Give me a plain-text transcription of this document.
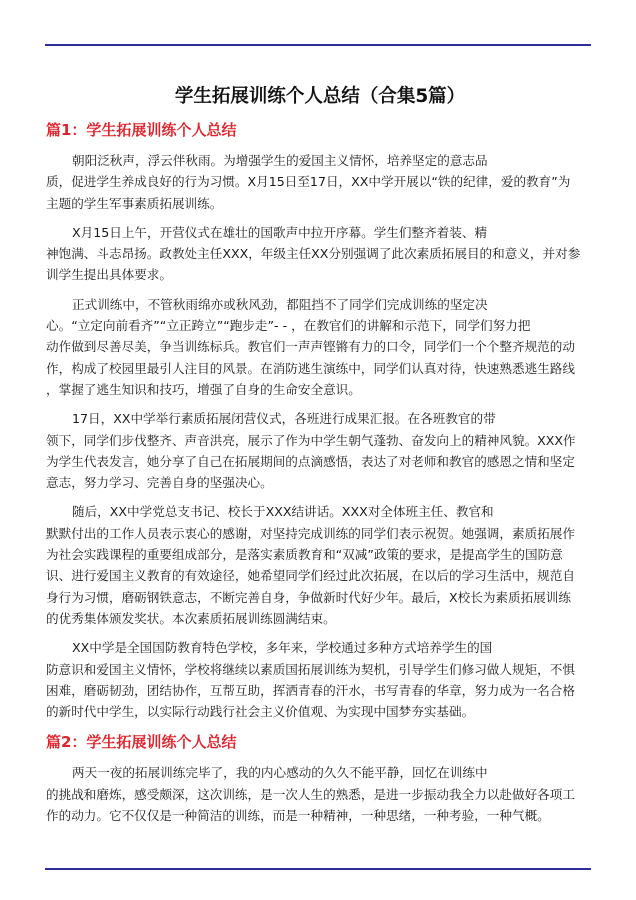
学生拓展训练个人总结（合集5篇）
篇1：学生拓展训练个人总结
朝阳泛秋声，浮云伴秋雨。为增强学生的爱国主义情怀，培养坚定的意志品
质，促进学生养成良好的行为习惯。X月15日至17日，XX中学开展以“铁的纪律，爱的教育”为
主题的学生军事素质拓展训练。
X月15日上午，开营仪式在雄壮的国歌声中拉开序幕。学生们整齐着装、精
神饱满、斗志昂扬。政教处主任XXX，年级主任XX分别强调了此次素质拓展目的和意义，并对参
训学生提出具体要求。
正式训练中，不管秋雨绵亦或秋风劲，都阻挡不了同学们完成训练的坚定决
心。“立定向前看齐”“立正跨立”“跑步走”- - ，在教官们的讲解和示范下，同学们努力把
动作做到尽善尽美，争当训练标兵。教官们一声声铿锵有力的口令，同学们一个个整齐规范的动
作，构成了校园里最引人注目的风景。在消防逃生演练中，同学们认真对待，快速熟悉逃生路线
，掌握了逃生知识和技巧，增强了自身的生命安全意识。
17日，XX中学举行素质拓展闭营仪式，各班进行成果汇报。在各班教官的带
领下，同学们步伐整齐、声音洪亮，展示了作为中学生朝气蓬勃、奋发向上的精神风貌。XXX作
为学生代表发言，她分享了自己在拓展期间的点滴感悟，表达了对老师和教官的感恩之情和坚定
意志，努力学习、完善自身的坚强决心。
随后，XX中学党总支书记、校长于XXX结讲话。XXX对全体班主任、教官和
默默付出的工作人员表示衷心的感谢，对坚持完成训练的同学们表示祝贺。她强调，素质拓展作
为社会实践课程的重要组成部分，是落实素质教育和“双减”政策的要求，是提高学生的国防意
识、进行爱国主义教育的有效途径，她希望同学们经过此次拓展，在以后的学习生活中，规范自
身行为习惯，磨砺钢铁意志，不断完善自身，争做新时代好少年。最后，X校长为素质拓展训练
的优秀集体颁发奖状。本次素质拓展训练圆满结束。
XX中学是全国国防教育特色学校，多年来，学校通过多种方式培养学生的国
防意识和爱国主义情怀，学校将继续以素质国拓展训练为契机，引导学生们修习做人规矩，不惧
困难，磨砺韧劲，团结协作，互帮互助，挥洒青春的汗水，书写青春的华章，努力成为一名合格
的新时代中学生，以实际行动践行社会主义价值观、为实现中国梦夯实基础。
篇2：学生拓展训练个人总结
两天一夜的拓展训练完毕了，我的内心感动的久久不能平静，回忆在训练中
的挑战和磨炼，感受颇深，这次训练，是一次人生的熟悉，是进一步振动我全力以赴做好各项工
作的动力。它不仅仅是一种简洁的训练，而是一种精神，一种思绪，一种考验，一种气概。
